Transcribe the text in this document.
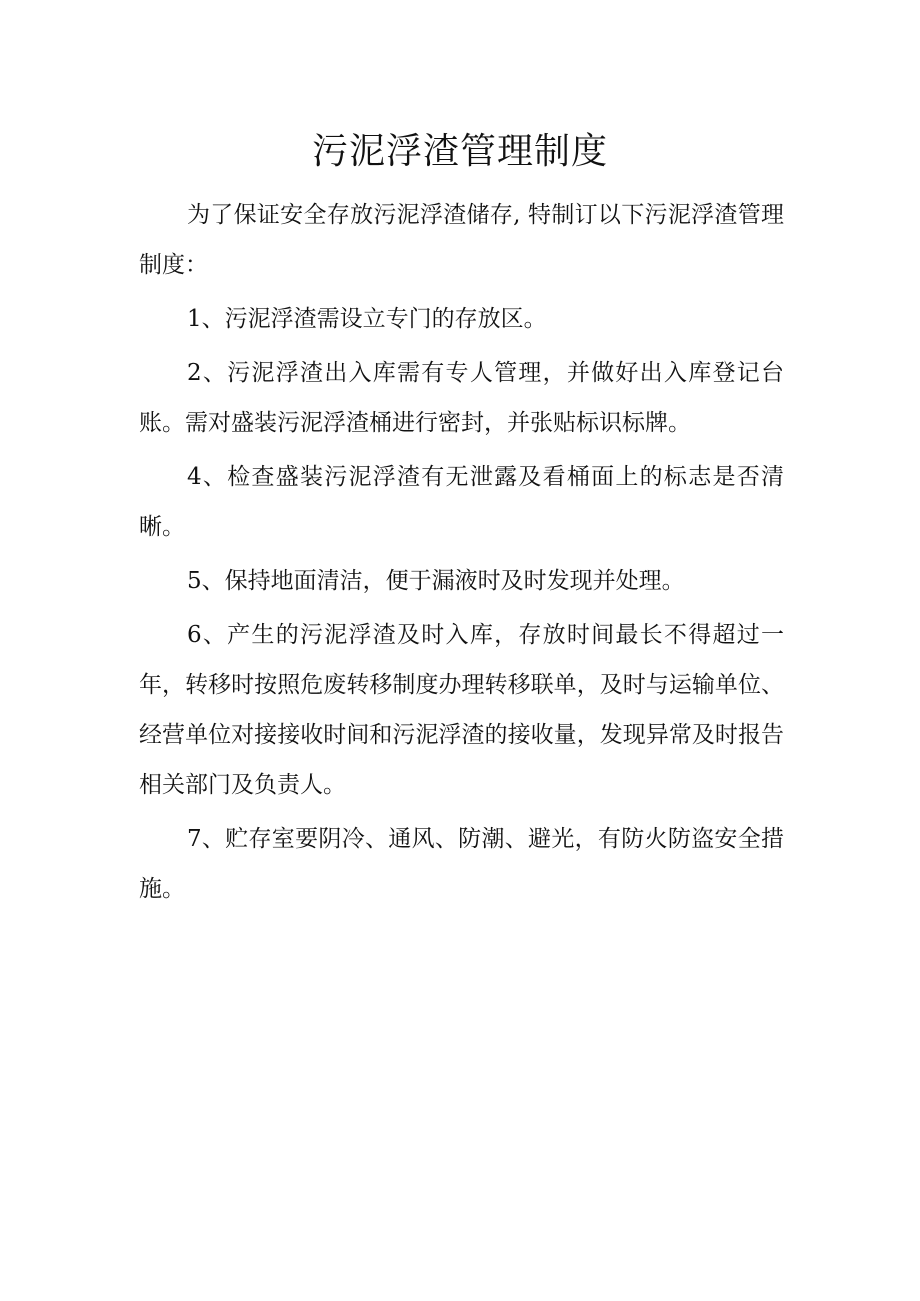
污泥浮渣管理制度

为了保证安全存放污泥浮渣储存, 特制订以下污泥浮渣管理制度：

1、污泥浮渣需设立专门的存放区。

2、污泥浮渣出入库需有专人管理，并做好出入库登记台账。需对盛装污泥浮渣桶进行密封，并张贴标识标牌。

4、检查盛装污泥浮渣有无泄露及看桶面上的标志是否清晰。

5、保持地面清洁，便于漏液时及时发现并处理。

6、产生的污泥浮渣及时入库，存放时间最长不得超过一年，转移时按照危废转移制度办理转移联单，及时与运输单位、经营单位对接接收时间和污泥浮渣的接收量，发现异常及时报告相关部门及负责人。

7、贮存室要阴冷、通风、防潮、避光，有防火防盗安全措施。
